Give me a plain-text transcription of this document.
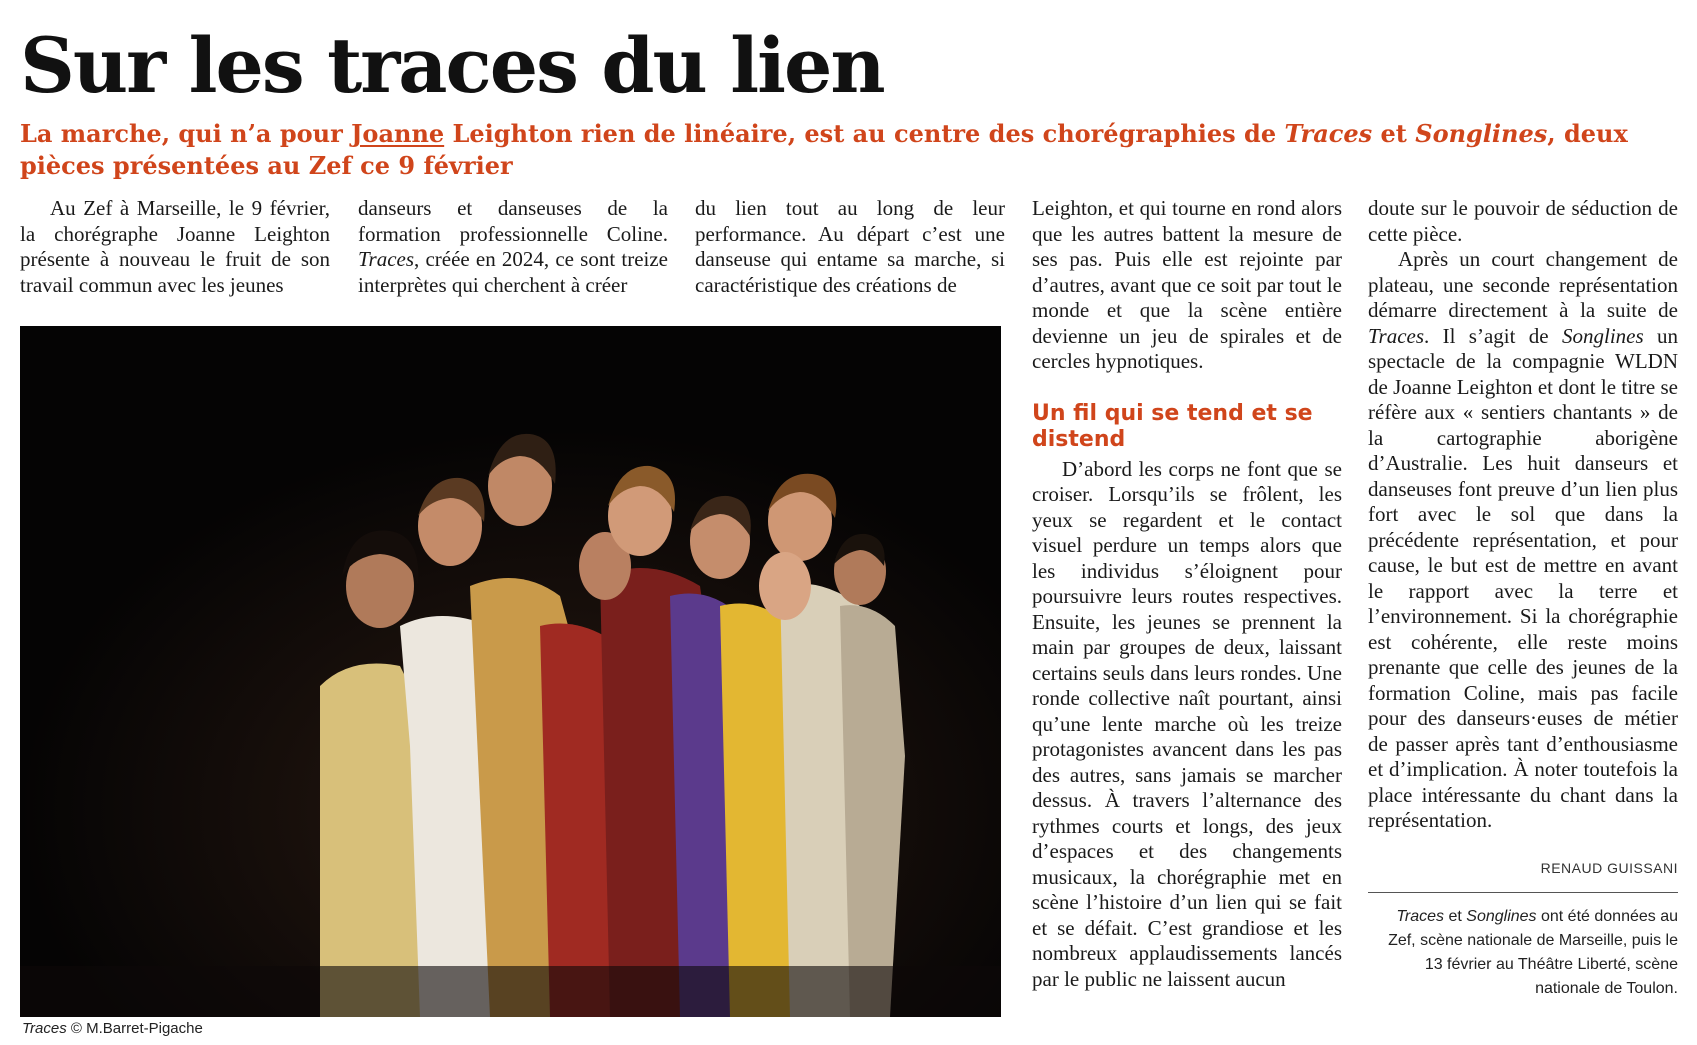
Sur les traces du lien
La marche, qui n’a pour Joanne Leighton rien de linéaire, est au centre des chorégraphies de Traces et Songlines, deux pièces présentées au Zef ce 9 février

Au Zef à Marseille, le 9 février, la chorégraphe Joanne Leighton présente à nouveau le fruit de son travail commun avec les jeunes

danseurs et danseuses de la formation professionnelle Coline. Traces, créée en 2024, ce sont treize interprètes qui cherchent à créer

du lien tout au long de leur performance. Au départ c’est une danseuse qui entame sa marche, si caractéristique des créations de

Leighton, et qui tourne en rond alors que les autres battent la mesure de ses pas. Puis elle est rejointe par d’autres, avant que ce soit par tout le monde et que la scène entière devienne un jeu de spirales et de cercles hypnotiques.

Un fil qui se tend et se distend

D’abord les corps ne font que se croiser. Lorsqu’ils se frôlent, les yeux se regardent et le contact visuel perdure un temps alors que les individus s’éloignent pour poursuivre leurs routes respectives. Ensuite, les jeunes se prennent la main par groupes de deux, laissant certains seuls dans leurs rondes. Une ronde collective naît pourtant, ainsi qu’une lente marche où les treize protagonistes avancent dans les pas des autres, sans jamais se marcher dessus. À travers l’alternance des rythmes courts et longs, des jeux d’espaces et des changements musicaux, la chorégraphie met en scène l’histoire d’un lien qui se fait et se défait. C’est grandiose et les nombreux applaudissements lancés par le public ne laissent aucun

doute sur le pouvoir de séduction de cette pièce.

Après un court changement de plateau, une seconde représentation démarre directement à la suite de Traces. Il s’agit de Songlines un spectacle de la compagnie WLDN de Joanne Leighton et dont le titre se réfère aux « sentiers chantants » de la cartographie aborigène d’Australie. Les huit danseurs et danseuses font preuve d’un lien plus fort avec le sol que dans la précédente représentation, et pour cause, le but est de mettre en avant le rapport avec la terre et l’environnement. Si la chorégraphie est cohérente, elle reste moins prenante que celle des jeunes de la formation Coline, mais pas facile pour des danseurs·euses de métier de passer après tant d’enthousiasme et d’implication. À noter toutefois la place intéressante du chant dans la représentation.

Traces © M.Barret-Pigache
RENAUD GUISSANI
Traces et Songlines ont été données au Zef, scène nationale de Marseille, puis le 13 février au Théâtre Liberté, scène nationale de Toulon.
